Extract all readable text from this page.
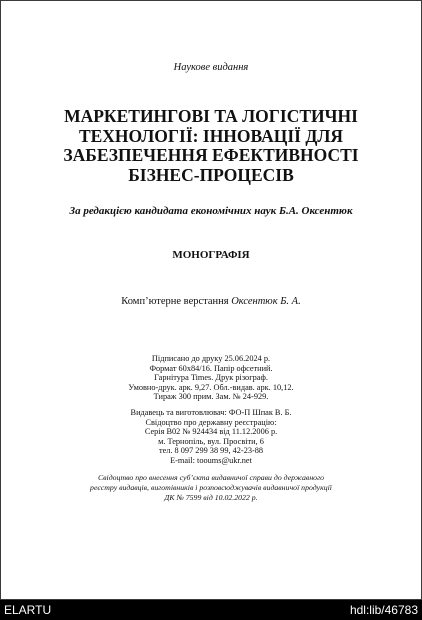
Наукове видання
МАРКЕТИНГОВІ ТА ЛОГІСТИЧНІ
ТЕХНОЛОГІЇ: ІННОВАЦІЇ ДЛЯ
ЗАБЕЗПЕЧЕННЯ ЕФЕКТИВНОСТІ
БІЗНЕС-ПРОЦЕСІВ
За редакцією кандидата економічних наук Б.А. Оксентюк
МОНОГРАФІЯ
Комп’ютерне верстання Оксентюк Б. А.
Підписано до друку 25.06.2024 р.
Формат 60х84/16. Папір офсетний.
Гарнітура Times. Друк різограф.
Умовно-друк. арк. 9,27. Обл.-видав. арк. 10,12.
Тираж 300 прим. Зам. № 24-929.
Видавець та виготовлювач: ФО-П Шпак В. Б.
Свідоцтво про державну реєстрацію:
Серія В02 № 924434 від 11.12.2006 р.
м. Тернопіль, вул. Просвіти, 6
тел. 8 097 299 38 99, 42-23-88
E-mail: tooums@ukr.net
Свідоцтво про внесення суб’єкта видавничої справи до державного
реєстру видавців, виготівників і розповсюджувачів видавничої продукції
ДК № 7599 від 10.02.2022 р.
ELARTU	hdl:lib/46783
